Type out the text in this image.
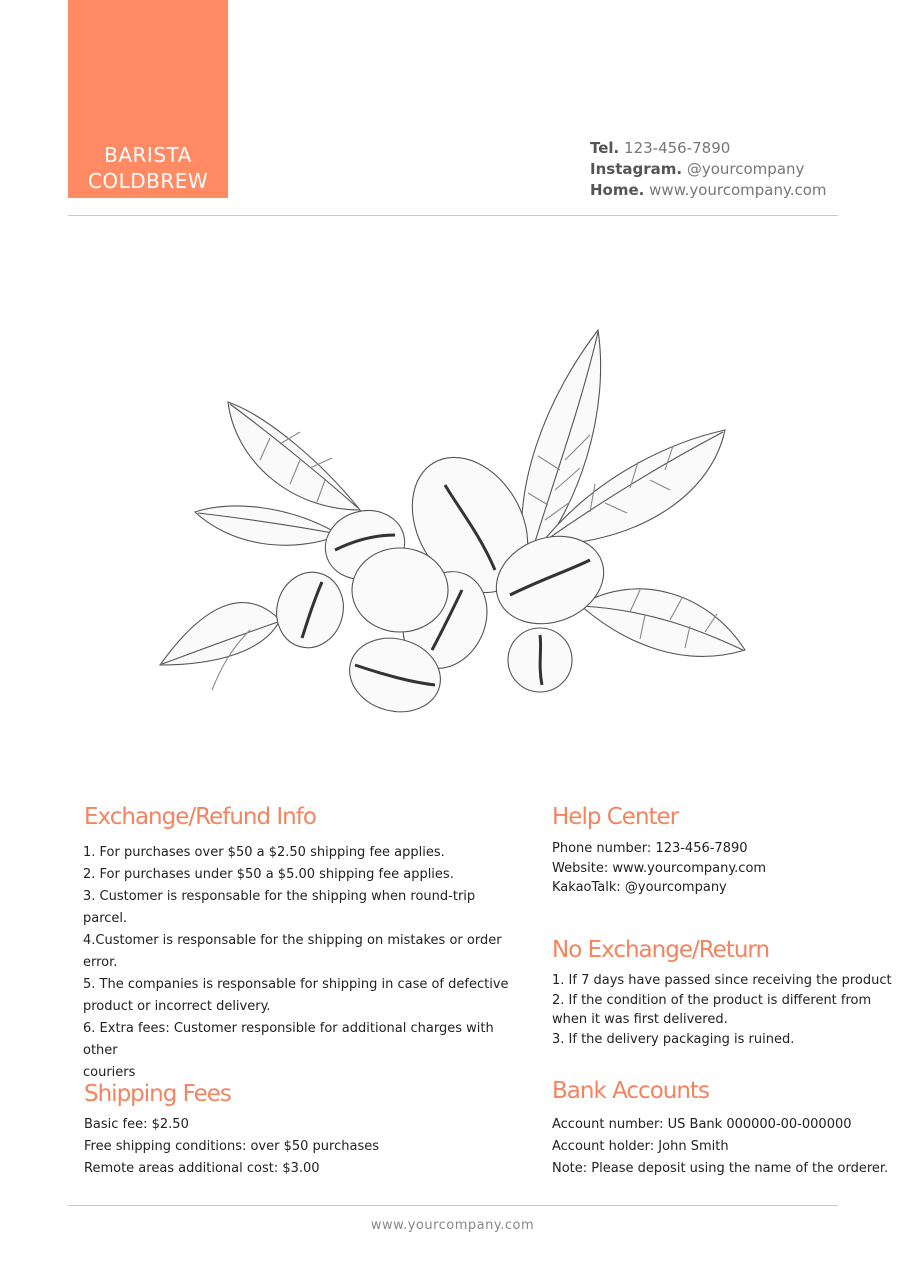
BARISTA
COLDBREW
Tel. 123-456-7890
Instagram. @yourcompany
Home. www.yourcompany.com
Exchange/Refund Info

1. For purchases over $50 a $2.50 shipping fee applies.

2. For purchases under $50 a $5.00 shipping fee applies.

3. Customer is responsable for the shipping when round-trip parcel.

4.Customer is responsable for the shipping on mistakes or order error.

5. The companies is responsable for shipping in case of defective

product or incorrect delivery.

6. Extra fees: Customer responsible for additional charges with other

couriers

Help Center

Phone number: 123-456-7890

Website: www.yourcompany.com

KakaoTalk: @yourcompany

No Exchange/Return

1. If 7 days have passed since receiving the product

2. If the condition of the product is different from

when it was first delivered.

3. If the delivery packaging is ruined.

Shipping Fees

Basic fee: $2.50

Free shipping conditions: over $50 purchases

Remote areas additional cost: $3.00

Bank Accounts

Account number: US Bank 000000-00-000000

Account holder: John Smith

Note: Please deposit using the name of the orderer.

www.yourcompany.com
